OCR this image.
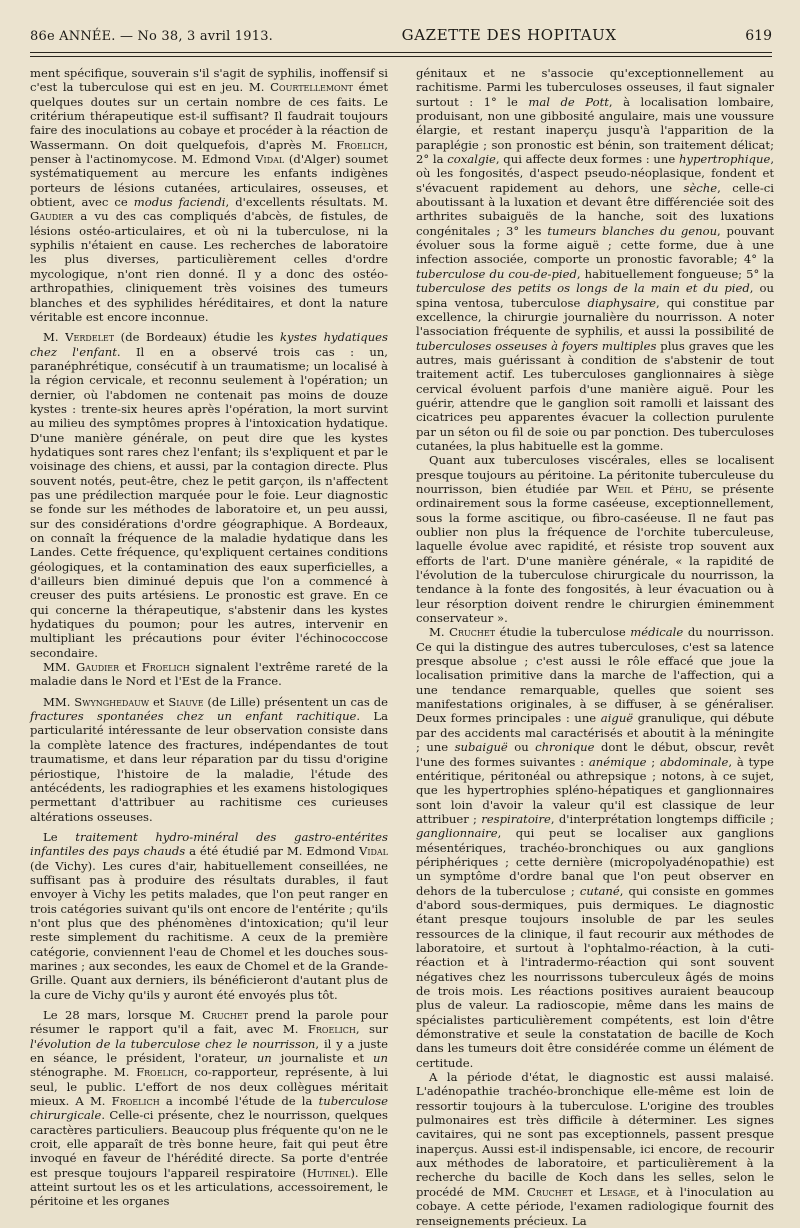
86e ANNÉE. — No 38, 3 avril 1913.	GAZETTE DES HOPITAUX	619

ment spécifique, souverain s'il s'agit de syphilis, inoffensif si c'est la tuberculose qui est en jeu. M. Courtellemont émet quelques doutes sur un certain nombre de ces faits. Le critérium thérapeutique est-il suffisant? Il faudrait toujours faire des inoculations au cobaye et procéder à la réaction de Wassermann. On doit quelquefois, d'après M. Froelich, penser à l'actinomycose. M. Edmond Vidal (d'Alger) soumet systématiquement au mercure les enfants indigènes porteurs de lésions cutanées, articulaires, osseuses, et obtient, avec ce modus faciendi, d'excellents résultats. M. Gaudier a vu des cas compliqués d'abcès, de fistules, de lésions ostéo-articulaires, et où ni la tuberculose, ni la syphilis n'étaient en cause. Les recherches de laboratoire les plus diverses, particulièrement celles d'ordre mycologique, n'ont rien donné. Il y a donc des ostéo-arthropathies, cliniquement très voisines des tumeurs blanches et des syphilides héréditaires, et dont la nature véritable est encore inconnue.

M. Verdelet (de Bordeaux) étudie les kystes hydatiques chez l'enfant. Il en a observé trois cas : un, paranéphrétique, consécutif à un traumatisme; un localisé à la région cervicale, et reconnu seulement à l'opération; un dernier, où l'abdomen ne contenait pas moins de douze kystes : trente-six heures après l'opération, la mort survint au milieu des symptômes propres à l'intoxication hydatique. D'une manière générale, on peut dire que les kystes hydatiques sont rares chez l'enfant; ils s'expliquent et par le voisinage des chiens, et aussi, par la contagion directe. Plus souvent notés, peut-être, chez le petit garçon, ils n'affectent pas une prédilection marquée pour le foie. Leur diagnostic se fonde sur les méthodes de laboratoire et, un peu aussi, sur des considérations d'ordre géographique. A Bordeaux, on connaît la fréquence de la maladie hydatique dans les Landes. Cette fréquence, qu'expliquent certaines conditions géologiques, et la contamination des eaux superficielles, a d'ailleurs bien diminué depuis que l'on a commencé à creuser des puits artésiens. Le pronostic est grave. En ce qui concerne la thérapeutique, s'abstenir dans les kystes hydatiques du poumon; pour les autres, intervenir en multipliant les précautions pour éviter l'échinococcose secondaire.

MM. Gaudier et Froelich signalent l'extrême rareté de la maladie dans le Nord et l'Est de la France.

MM. Swynghedauw et Siauve (de Lille) présentent un cas de fractures spontanées chez un enfant rachitique. La particularité intéressante de leur observation consiste dans la complète latence des fractures, indépendantes de tout traumatisme, et dans leur réparation par du tissu d'origine périostique, l'histoire de la maladie, l'étude des antécédents, les radiographies et les examens histologiques permettant d'attribuer au rachitisme ces curieuses altérations osseuses.

Le traitement hydro-minéral des gastro-entérites infantiles des pays chauds a été étudié par M. Edmond Vidal (de Vichy). Les cures d'air, habituellement conseillées, ne suffisant pas à produire des résultats durables, il faut envoyer à Vichy les petits malades, que l'on peut ranger en trois catégories suivant qu'ils ont encore de l'entérite ; qu'ils n'ont plus que des phénomènes d'intoxication; qu'il leur reste simplement du rachitisme. A ceux de la première catégorie, conviennent l'eau de Chomel et les douches sous-marines ; aux secondes, les eaux de Chomel et de la Grande-Grille. Quant aux derniers, ils bénéficieront d'autant plus de la cure de Vichy qu'ils y auront été envoyés plus tôt.

Le 28 mars, lorsque M. Cruchet prend la parole pour résumer le rapport qu'il a fait, avec M. Froelich, sur l'évolution de la tuberculose chez le nourrisson, il y a juste en séance, le président, l'orateur, un journaliste et un sténographe. M. Froelich, co-rapporteur, représente, à lui seul, le public. L'effort de nos deux collègues méritait mieux. A M. Froelich a incombé l'étude de la tuberculose chirurgicale. Celle-ci présente, chez le nourrisson, quelques caractères particuliers. Beaucoup plus fréquente qu'on ne le croit, elle apparaît de très bonne heure, fait qui peut être invoqué en faveur de l'hérédité directe. Sa porte d'entrée est presque toujours l'appareil respiratoire (Hutinel). Elle atteint surtout les os et les articulations, accessoirement, le péritoine et les organes

génitaux et ne s'associe qu'exceptionnellement au rachitisme. Parmi les tuberculoses osseuses, il faut signaler surtout : 1° le mal de Pott, à localisation lombaire, produisant, non une gibbosité angulaire, mais une voussure élargie, et restant inaperçu jusqu'à l'apparition de la paraplégie ; son pronostic est bénin, son traitement délicat; 2° la coxalgie, qui affecte deux formes : une hypertrophique, où les fongosités, d'aspect pseudo-néoplasique, fondent et s'évacuent rapidement au dehors, une sèche, celle-ci aboutissant à la luxation et devant être différenciée soit des arthrites subaiguës de la hanche, soit des luxations congénitales ; 3° les tumeurs blanches du genou, pouvant évoluer sous la forme aiguë ; cette forme, due à une infection associée, comporte un pronostic favorable; 4° la tuberculose du cou-de-pied, habituellement fongueuse; 5° la tuberculose des petits os longs de la main et du pied, ou spina ventosa, tuberculose diaphysaire, qui constitue par excellence, la chirurgie journalière du nourrisson. A noter l'association fréquente de syphilis, et aussi la possibilité de tuberculoses osseuses à foyers multiples plus graves que les autres, mais guérissant à condition de s'abstenir de tout traitement actif. Les tuberculoses ganglionnaires à siège cervical évoluent parfois d'une manière aiguë. Pour les guérir, attendre que le ganglion soit ramolli et laissant des cicatrices peu apparentes évacuer la collection purulente par un séton ou fil de soie ou par ponction. Des tuberculoses cutanées, la plus habituelle est la gomme.

Quant aux tuberculoses viscérales, elles se localisent presque toujours au péritoine. La péritonite tuberculeuse du nourrisson, bien étudiée par Weil et Péhu, se présente ordinairement sous la forme caséeuse, exceptionnellement, sous la forme ascitique, ou fibro-caséeuse. Il ne faut pas oublier non plus la fréquence de l'orchite tuberculeuse, laquelle évolue avec rapidité, et résiste trop souvent aux efforts de l'art. D'une manière générale, « la rapidité de l'évolution de la tuberculose chirurgicale du nourrisson, la tendance à la fonte des fongosités, à leur évacuation ou à leur résorption doivent rendre le chirurgien éminemment conservateur ».

M. Cruchet étudie la tuberculose médicale du nourrisson. Ce qui la distingue des autres tuberculoses, c'est sa latence presque absolue ; c'est aussi le rôle effacé que joue la localisation primitive dans la marche de l'affection, qui a une tendance remarquable, quelles que soient ses manifestations originales, à se diffuser, à se généraliser. Deux formes principales : une aiguë granulique, qui débute par des accidents mal caractérisés et aboutit à la méningite ; une subaiguë ou chronique dont le début, obscur, revêt l'une des formes suivantes : anémique ; abdominale, à type entéritique, péritonéal ou athrepsique ; notons, à ce sujet, que les hypertrophies spléno-hépatiques et ganglionnaires sont loin d'avoir la valeur qu'il est classique de leur attribuer ; respiratoire, d'interprétation longtemps difficile ; ganglionnaire, qui peut se localiser aux ganglions mésentériques, trachéo-bronchiques ou aux ganglions périphériques ; cette dernière (micropolyadénopathie) est un symptôme d'ordre banal que l'on peut observer en dehors de la tuberculose ; cutané, qui consiste en gommes d'abord sous-dermiques, puis dermiques. Le diagnostic étant presque toujours insoluble de par les seules ressources de la clinique, il faut recourir aux méthodes de laboratoire, et surtout à l'ophtalmo-réaction, à la cuti-réaction et à l'intradermo-réaction qui sont souvent négatives chez les nourrissons tuberculeux âgés de moins de trois mois. Les réactions positives auraient beaucoup plus de valeur. La radioscopie, même dans les mains de spécialistes particulièrement compétents, est loin d'être démonstrative et seule la constatation de bacille de Koch dans les tumeurs doit être considérée comme un élément de certitude.

A la période d'état, le diagnostic est aussi malaisé. L'adénopathie trachéo-bronchique elle-même est loin de ressortir toujours à la tuberculose. L'origine des troubles pulmonaires est très difficile à déterminer. Les signes cavitaires, qui ne sont pas exceptionnels, passent presque inaperçus. Aussi est-il indispensable, ici encore, de recourir aux méthodes de laboratoire, et particulièrement à la recherche du bacille de Koch dans les selles, selon le procédé de MM. Cruchet et Lesage, et à l'inoculation au cobaye. A cette période, l'examen radiologique fournit des renseignements précieux. La
